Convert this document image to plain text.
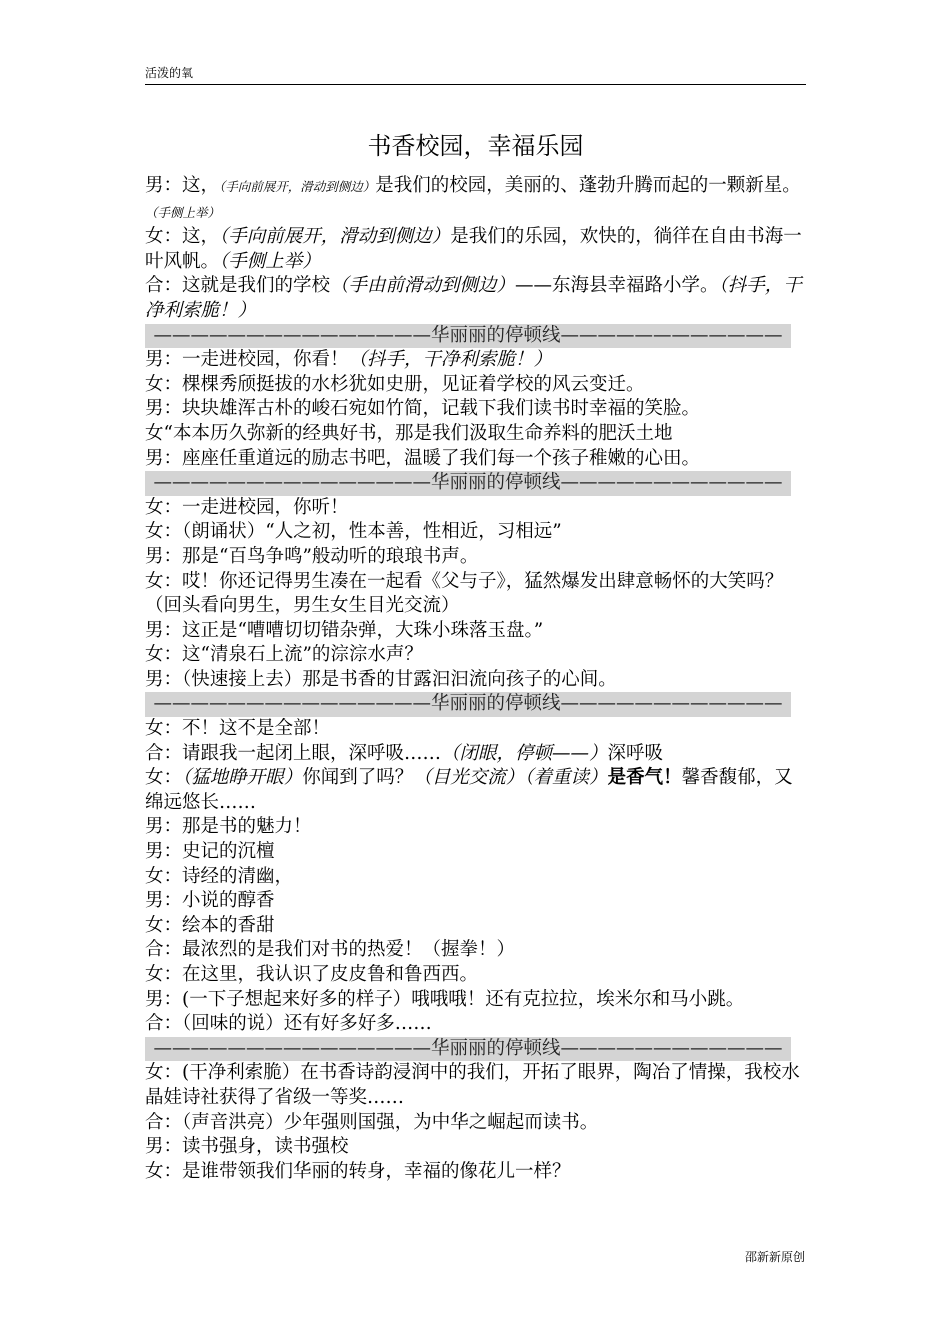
活泼的氧
书香校园，幸福乐园

男：这，（手向前展开，滑动到侧边）是我们的校园，美丽的、蓬勃升腾而起的一颗新星。（手侧上举）

女：这，（手向前展开，滑动到侧边）是我们的乐园，欢快的，徜徉在自由书海一叶风帆。（手侧上举）

合：这就是我们的学校（手由前滑动到侧边）——东海县幸福路小学。（抖手，干净利索脆！）

———————————————华丽丽的停顿线————————————

男：一走进校园，你看！（抖手，干净利索脆！）

女：棵棵秀颀挺拔的水杉犹如史册，见证着学校的风云变迁。

男：块块雄浑古朴的峻石宛如竹简，记载下我们读书时幸福的笑脸。

女“本本历久弥新的经典好书，那是我们汲取生命养料的肥沃土地

男：座座任重道远的励志书吧，温暖了我们每一个孩子稚嫩的心田。

———————————————华丽丽的停顿线————————————

女：一走进校园，你听！

女：（朗诵状）“人之初，性本善，性相近，习相远”

男：那是“百鸟争鸣”般动听的琅琅书声。

女：哎！你还记得男生凑在一起看《父与子》，猛然爆发出肆意畅怀的大笑吗？（回头看向男生，男生女生目光交流）

男：这正是“嘈嘈切切错杂弹，大珠小珠落玉盘。”

女：这“清泉石上流”的淙淙水声？

男：（快速接上去）那是书香的甘露汩汩流向孩子的心间。

———————————————华丽丽的停顿线————————————

女：不！这不是全部！

合：请跟我一起闭上眼，深呼吸……（闭眼，停顿——）深呼吸

女：（猛地睁开眼）你闻到了吗？（目光交流）（着重读）是香气！馨香馥郁，又绵远悠长……

男：那是书的魅力！

男：史记的沉檀

女：诗经的清幽，

男：小说的醇香

女：绘本的香甜

合：最浓烈的是我们对书的热爱！（握拳！）

女：在这里，我认识了皮皮鲁和鲁西西。

男：(一下子想起来好多的样子）哦哦哦！还有克拉拉，埃米尔和马小跳。

合：（回味的说）还有好多好多……

———————————————华丽丽的停顿线————————————

女：(干净利索脆）在书香诗韵浸润中的我们，开拓了眼界，陶冶了情操，我校水晶娃诗社获得了省级一等奖……

合：（声音洪亮）少年强则国强，为中华之崛起而读书。

男：读书强身，读书强校

女：是谁带领我们华丽的转身，幸福的像花儿一样？

邵新新原创
